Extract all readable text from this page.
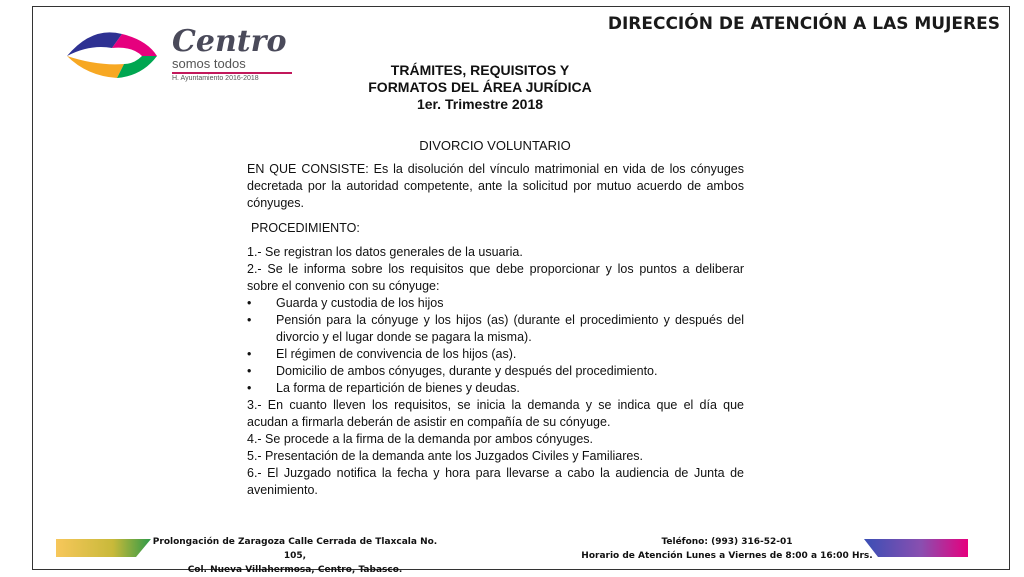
DIRECCIÓN DE ATENCIÓN A LAS MUJERES
Centro
somos todos
H. Ayuntamiento 2016-2018
TRÁMITES, REQUISITOS Y
FORMATOS DEL ÁREA JURÍDICA
1er. Trimestre 2018
DIVORCIO VOLUNTARIO

EN QUE CONSISTE: Es la disolución del vínculo matrimonial en vida de los cónyuges decretada por la autoridad competente, ante la solicitud por mutuo acuerdo de ambos cónyuges.

PROCEDIMIENTO:

1.- Se registran los datos generales de la usuaria.

2.- Se le informa sobre los requisitos que debe proporcionar y los puntos a deliberar sobre el convenio con su cónyuge:

• Guarda y custodia de los hijos
• Pensión para la cónyuge y los hijos (as) (durante el procedimiento y después del divorcio y el lugar donde se pagara la misma).
• El régimen de convivencia de los hijos (as).
• Domicilio de ambos cónyuges, durante y después del procedimiento.
• La forma de repartición de bienes y deudas.

3.- En cuanto lleven los requisitos, se inicia la demanda y se indica que el día que acudan a firmarla deberán de asistir en compañía de su cónyuge.

4.- Se procede a la firma de la demanda por ambos cónyuges.

5.- Presentación de la demanda ante los Juzgados Civiles y Familiares.

6.- El Juzgado notifica la fecha y hora para llevarse a cabo la audiencia de Junta de avenimiento.

Prolongación de Zaragoza Calle Cerrada de Tlaxcala No. 105,
Col. Nueva Villahermosa, Centro, Tabasco.
Teléfono: (993) 316-52-01
Horario de Atención Lunes a Viernes de 8:00 a 16:00 Hrs.
